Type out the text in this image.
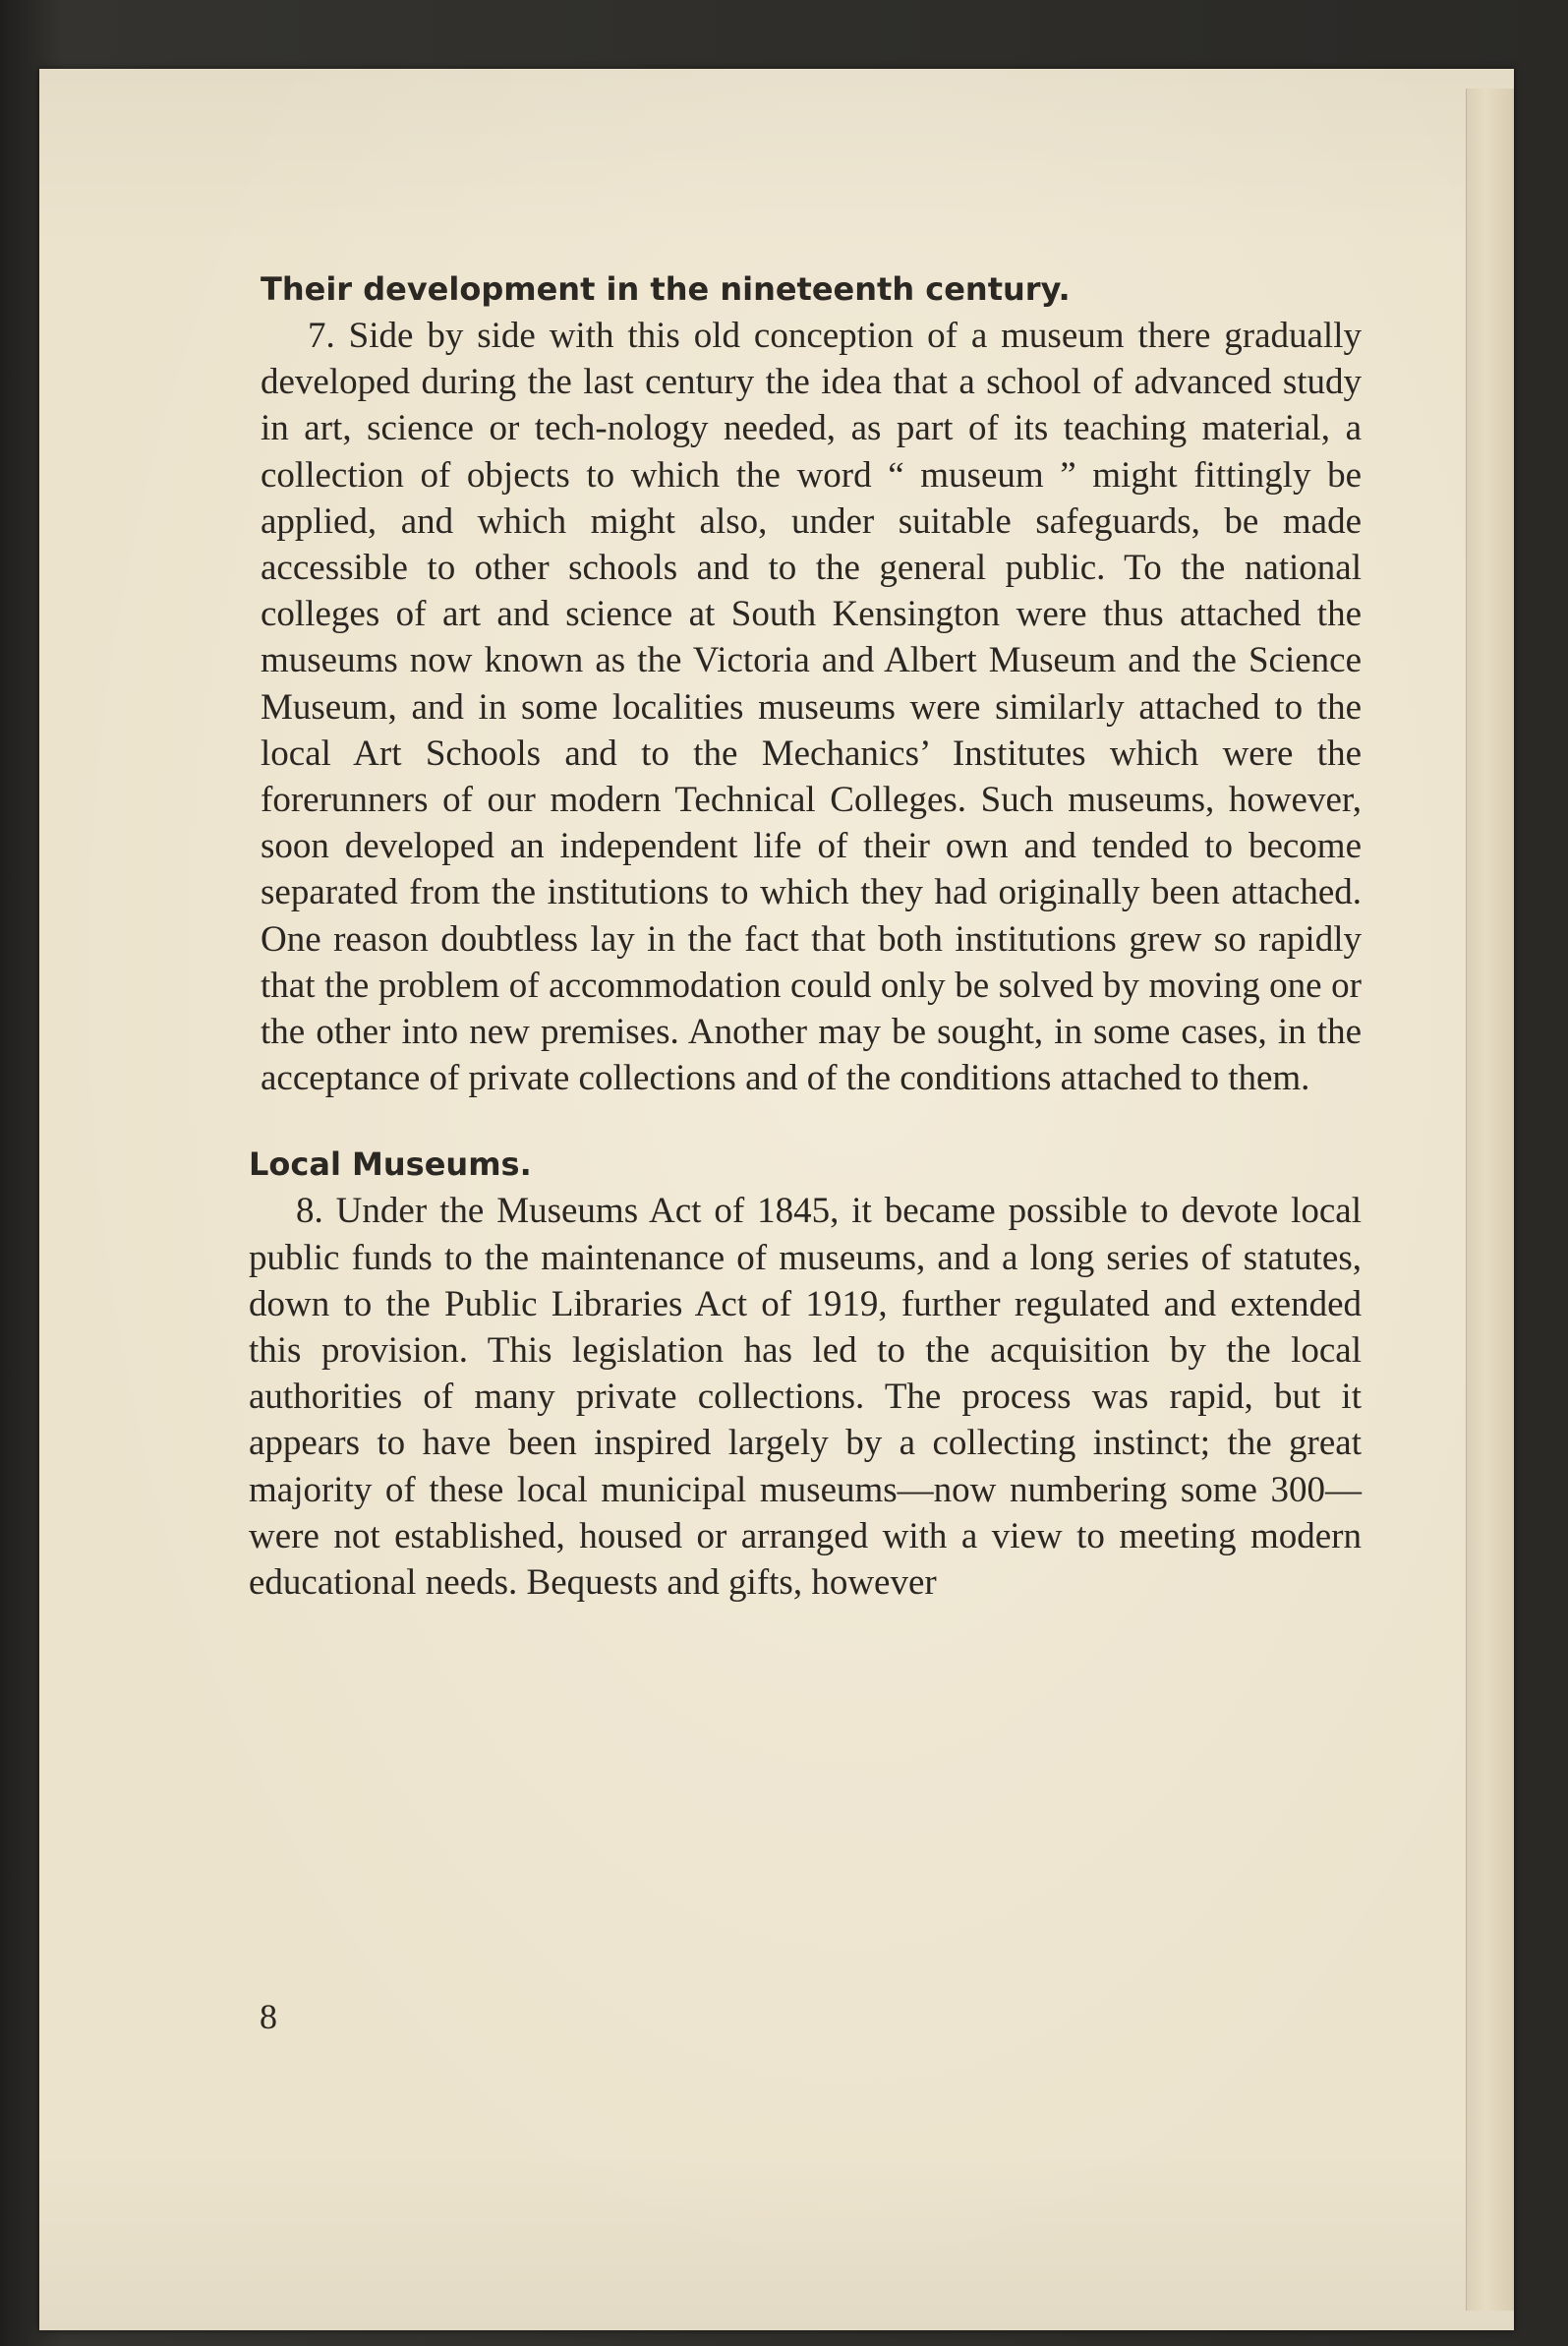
Their development in the nineteenth century.

7. Side by side with this old conception of a museum there gradually developed during the last century the idea that a school of advanced study in art, science or tech-nology needed, as part of its teaching material, a collection of objects to which the word “ museum ” might fittingly be applied, and which might also, under suitable safeguards, be made accessible to other schools and to the general public. To the national colleges of art and science at South Kensington were thus attached the museums now known as the Victoria and Albert Museum and the Science Museum, and in some localities museums were similarly attached to the local Art Schools and to the Mechanics’ Institutes which were the forerunners of our modern Technical Colleges. Such museums, however, soon developed an independent life of their own and tended to become separated from the institutions to which they had originally been attached. One reason doubtless lay in the fact that both institutions grew so rapidly that the problem of accommodation could only be solved by moving one or the other into new premises. Another may be sought, in some cases, in the acceptance of private collections and of the conditions attached to them.

Local Museums.

8. Under the Museums Act of 1845, it became possible to devote local public funds to the maintenance of museums, and a long series of statutes, down to the Public Libraries Act of 1919, further regulated and extended this provision. This legislation has led to the acquisition by the local authorities of many private collections. The process was rapid, but it appears to have been inspired largely by a collecting instinct; the great majority of these local municipal museums—now numbering some 300—were not established, housed or arranged with a view to meeting modern educational needs. Bequests and gifts, however

8
